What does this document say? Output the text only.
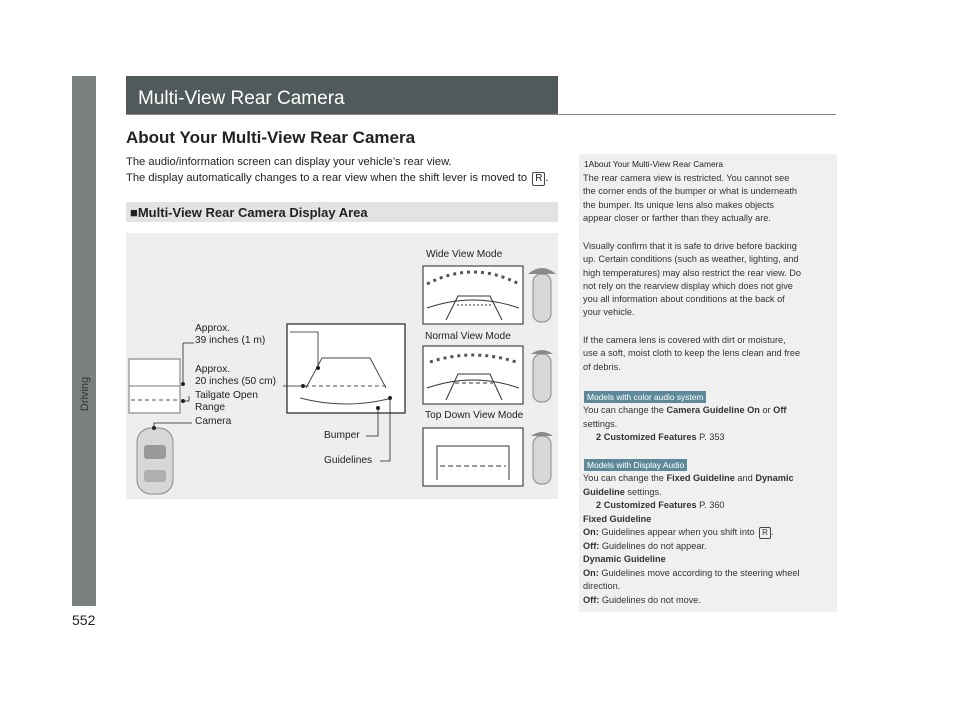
Driving
552
Multi-View Rear Camera
About Your Multi-View Rear Camera
The audio/information screen can display your vehicle’s rear view.
The display automatically changes to a rear view when the shift lever is moved to R .
■Multi-View Rear Camera Display Area
Approx.
39 inches (1 m)
Approx.
20 inches (50 cm)
Tailgate Open
Range
Camera
Bumper
Guidelines
Wide View Mode
Normal View Mode
Top Down View Mode
1About Your Multi-View Rear Camera
The rear camera view is restricted. You cannot see
the corner ends of the bumper or what is underneath
the bumper. Its unique lens also makes objects
appear closer or farther than they actually are.
Visually confirm that it is safe to drive before backing
up. Certain conditions (such as weather, lighting, and
high temperatures) may also restrict the rear view. Do
not rely on the rearview display which does not give
you all information about conditions at the back of
your vehicle.
If the camera lens is covered with dirt or moisture,
use a soft, moist cloth to keep the lens clean and free
of debris.
Models with color audio system
You can change the Camera Guideline On or Off
settings.
2 Customized Features P. 353
Models with Display Audio
You can change the Fixed Guideline and Dynamic
Guideline settings.
2 Customized Features P. 360
Fixed Guideline
On: Guidelines appear when you shift into R .
Off: Guidelines do not appear.
Dynamic Guideline
On: Guidelines move according to the steering wheel
direction.
Off: Guidelines do not move.
